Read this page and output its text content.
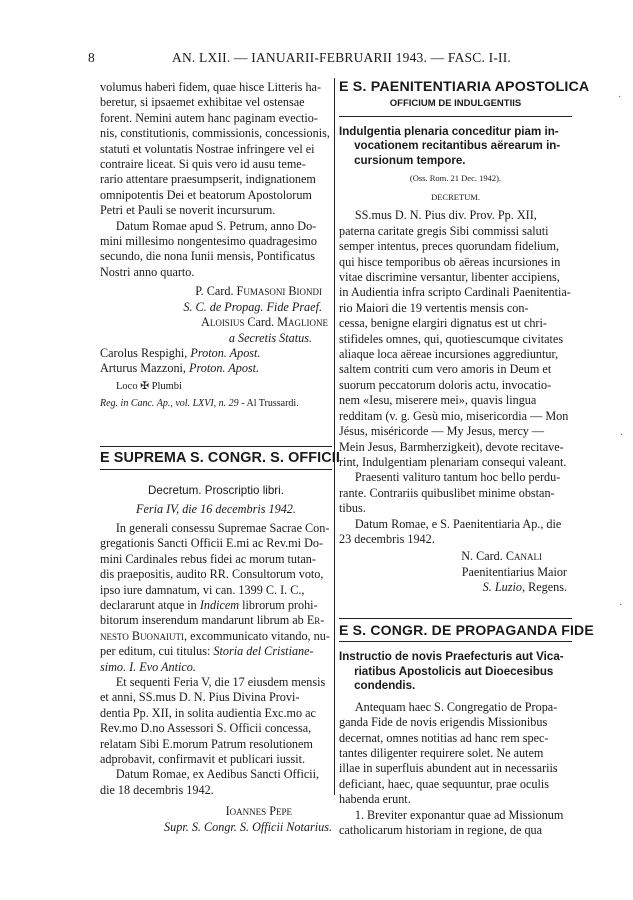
8	AN. LXII. — IANUARII-FEBRUARII 1943. — FASC. I-II.
volumus haberi fidem, quae hisce Litteris ha-
beretur, si ipsaemet exhibitae vel ostensae
forent. Nemini autem hanc paginam evectio-
nis, constitutionis, commissionis, concessionis,
statuti et voluntatis Nostrae infringere vel ei
contraire liceat. Si quis vero id ausu teme-
rario attentare praesumpserit, indignationem
omnipotentis Dei et beatorum Apostolorum
Petri et Pauli se noverit incursurum.
Datum Romae apud S. Petrum, anno Do-
mini millesimo nongentesimo quadragesimo
secundo, die nona Iunii mensis, Pontificatus
Nostri anno quarto.
P. Card. Fumasoni Biondi
S. C. de Propag. Fide Praef.
Aloisius Card. Maglione
a Secretis Status.
Carolus Respighi, Proton. Apost.
Arturus Mazzoni, Proton. Apost.
Loco ✠ Plumbi
Reg. in Canc. Ap., vol. LXVI, n. 29 - Al Trussardi.
E SUPREMA S. CONGR. S. OFFICII
Decretum. Proscriptio libri.
Feria IV, die 16 decembris 1942.
In generali consessu Supremae Sacrae Con-
gregationis Sancti Officii E.mi ac Rev.mi Do-
mini Cardinales rebus fidei ac morum tutan-
dis praepositis, audito RR. Consultorum voto,
ipso iure damnatum, vi can. 1399 C. I. C.,
declararunt atque in Indicem librorum prohi-
bitorum inserendum mandarunt librum ab Er-
nesto Buonaiuti, excommunicato vitando, nu-
per editum, cui titulus: Storia del Cristiane-
simo. I. Evo Antico.
Et sequenti Feria V, die 17 eiusdem mensis
et anni, SS.mus D. N. Pius Divina Provi-
dentia Pp. XII, in solita audientia Exc.mo ac
Rev.mo D.no Assessori S. Officii concessa,
relatam Sibi E.morum Patrum resolutionem
adprobavit, confirmavit et publicari iussit.
Datum Romae, ex Aedibus Sancti Officii,
die 18 decembris 1942.
Ioannes Pepe
Supr. S. Congr. S. Officii Notarius.
E S. PAENITENTIARIA APOSTOLICA
OFFICIUM DE INDULGENTIIS
Indulgentia plenaria conceditur piam in-
vocationem recitantibus aërearum in-
cursionum tempore.
(Oss. Rom. 21 Dec. 1942).
DECRETUM.
SS.mus D. N. Pius div. Prov. Pp. XII,
paterna caritate gregis Sibi commissi saluti
semper intentus, preces quorundam fidelium,
qui hisce temporibus ob aëreas incursiones in
vitae discrimine versantur, libenter accipiens,
in Audientia infra scripto Cardinali Paenitentia-
rio Maiori die 19 vertentis mensis con-
cessa, benigne elargiri dignatus est ut chri-
stifideles omnes, qui, quotiescumque civitates
aliaque loca aëreae incursiones aggrediuntur,
saltem contriti cum vero amoris in Deum et
suorum peccatorum doloris actu, invocatio-
nem «Iesu, miserere mei», quavis lingua
redditam (v. g. Gesù mio, misericordia — Mon
Jésus, miséricorde — My Jesus, mercy —
Mein Jesus, Barmherzigkeit), devote recitave-
rint, Indulgentiam plenariam consequi valeant.
Praesenti valituro tantum hoc bello perdu-
rante. Contrariis quibuslibet minime obstan-
tibus.
Datum Romae, e S. Paenitentiaria Ap., die
23 decembris 1942.
N. Card. Canali
Paenitentiarius Maior
S. Luzio, Regens.
E S. CONGR. DE PROPAGANDA FIDE
Instructio de novis Praefecturis aut Vica-
riatibus Apostolicis aut Dioecesibus
condendis.
Antequam haec S. Congregatio de Propa-
ganda Fide de novis erigendis Missionibus
decernat, omnes notitias ad hanc rem spec-
tantes diligenter requirere solet. Ne autem
illae in superfluis abundent aut in necessariis
deficiant, haec, quae sequuntur, prae oculis
habenda erunt.
1. Breviter exponantur quae ad Missionum
catholicarum historiam in regione, de qua
·
·
·
